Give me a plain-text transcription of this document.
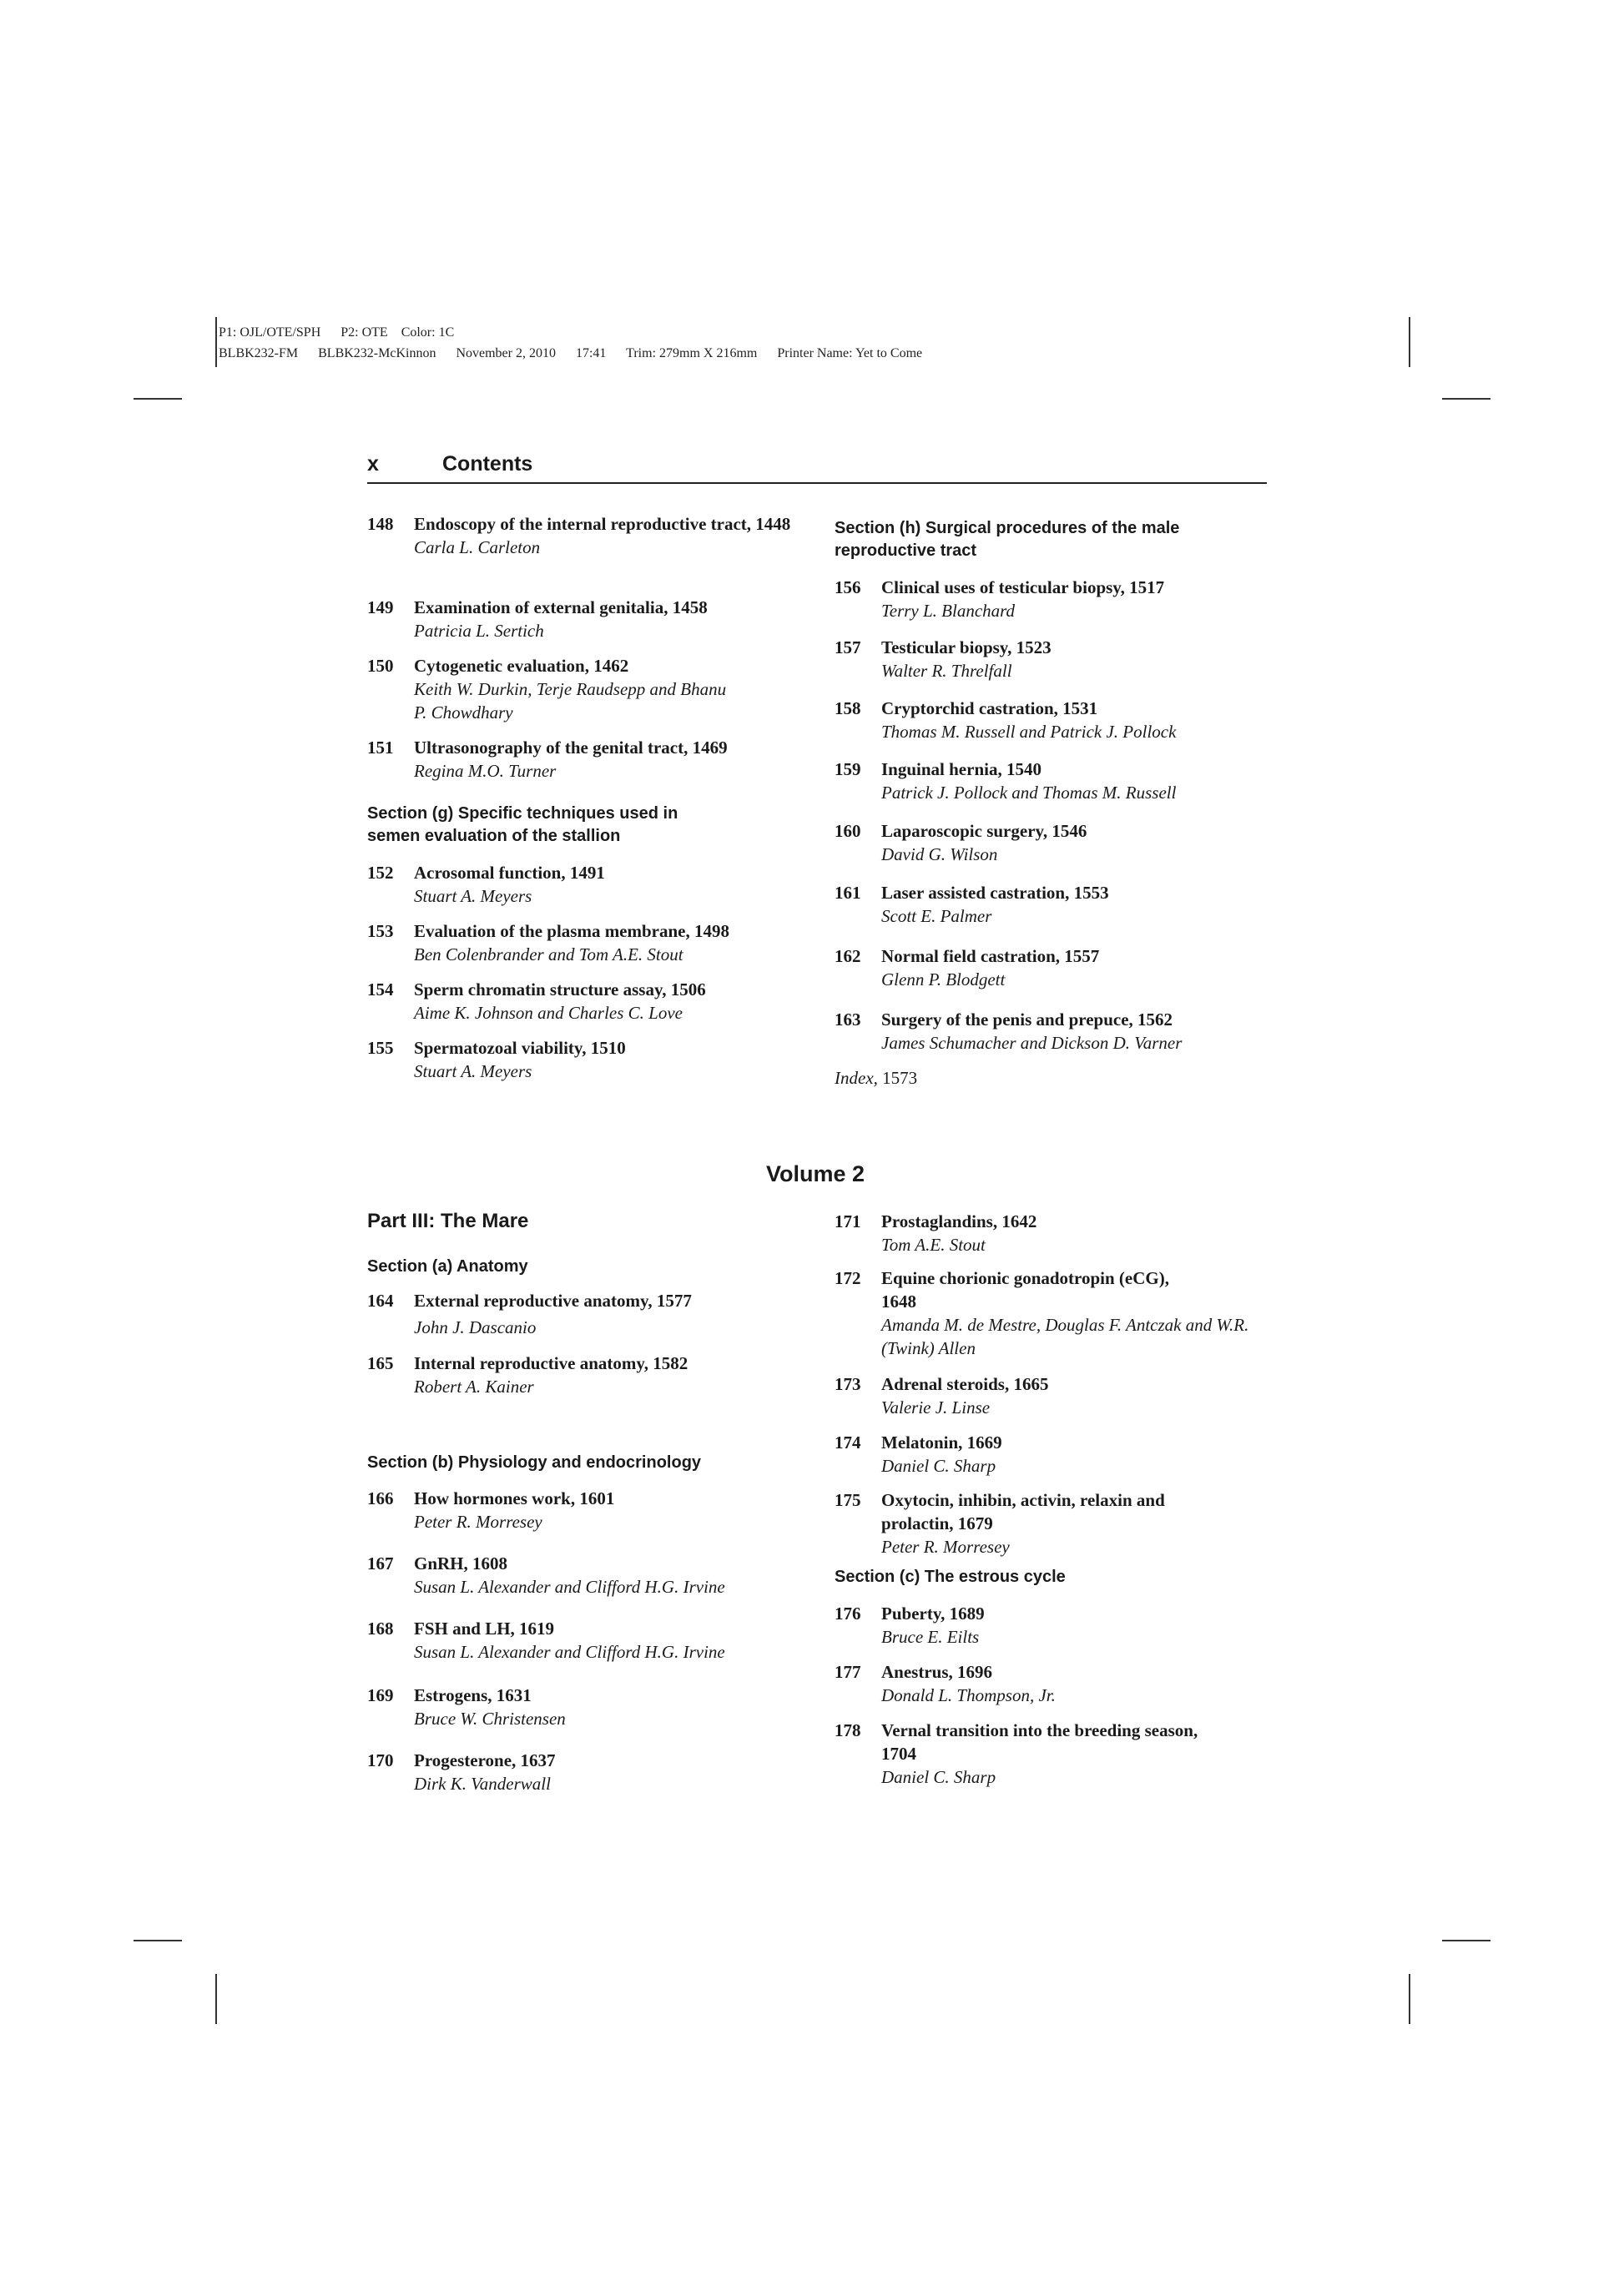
P1: OJL/OTE/SPH      P2: OTE    Color: 1C
BLBK232-FM      BLBK232-McKinnon      November 2, 2010      17:41      Trim: 279mm X 216mm      Printer Name: Yet to Come
x	Contents
148 Endoscopy of the internal reproductive tract, 1448
Carla L. Carleton
149 Examination of external genitalia, 1458
Patricia L. Sertich
150 Cytogenetic evaluation, 1462
Keith W. Durkin, Terje Raudsepp and Bhanu P. Chowdhary
151 Ultrasonography of the genital tract, 1469
Regina M.O. Turner
Section (g) Specific techniques used in semen evaluation of the stallion
152 Acrosomal function, 1491
Stuart A. Meyers
153 Evaluation of the plasma membrane, 1498
Ben Colenbrander and Tom A.E. Stout
154 Sperm chromatin structure assay, 1506
Aime K. Johnson and Charles C. Love
155 Spermatozoal viability, 1510
Stuart A. Meyers
Section (h) Surgical procedures of the male reproductive tract
156 Clinical uses of testicular biopsy, 1517
Terry L. Blanchard
157 Testicular biopsy, 1523
Walter R. Threlfall
158 Cryptorchid castration, 1531
Thomas M. Russell and Patrick J. Pollock
159 Inguinal hernia, 1540
Patrick J. Pollock and Thomas M. Russell
160 Laparoscopic surgery, 1546
David G. Wilson
161 Laser assisted castration, 1553
Scott E. Palmer
162 Normal field castration, 1557
Glenn P. Blodgett
163 Surgery of the penis and prepuce, 1562
James Schumacher and Dickson D. Varner
Index, 1573
Volume 2
Part III: The Mare
Section (a) Anatomy
164 External reproductive anatomy, 1577
John J. Dascanio
165 Internal reproductive anatomy, 1582
Robert A. Kainer
Section (b) Physiology and endocrinology
166 How hormones work, 1601
Peter R. Morresey
167 GnRH, 1608
Susan L. Alexander and Clifford H.G. Irvine
168 FSH and LH, 1619
Susan L. Alexander and Clifford H.G. Irvine
169 Estrogens, 1631
Bruce W. Christensen
170 Progesterone, 1637
Dirk K. Vanderwall
171 Prostaglandins, 1642
Tom A.E. Stout
172 Equine chorionic gonadotropin (eCG), 1648
Amanda M. de Mestre, Douglas F. Antczak and W.R. (Twink) Allen
173 Adrenal steroids, 1665
Valerie J. Linse
174 Melatonin, 1669
Daniel C. Sharp
175 Oxytocin, inhibin, activin, relaxin and prolactin, 1679
Peter R. Morresey
Section (c) The estrous cycle
176 Puberty, 1689
Bruce E. Eilts
177 Anestrus, 1696
Donald L. Thompson, Jr.
178 Vernal transition into the breeding season, 1704
Daniel C. Sharp
